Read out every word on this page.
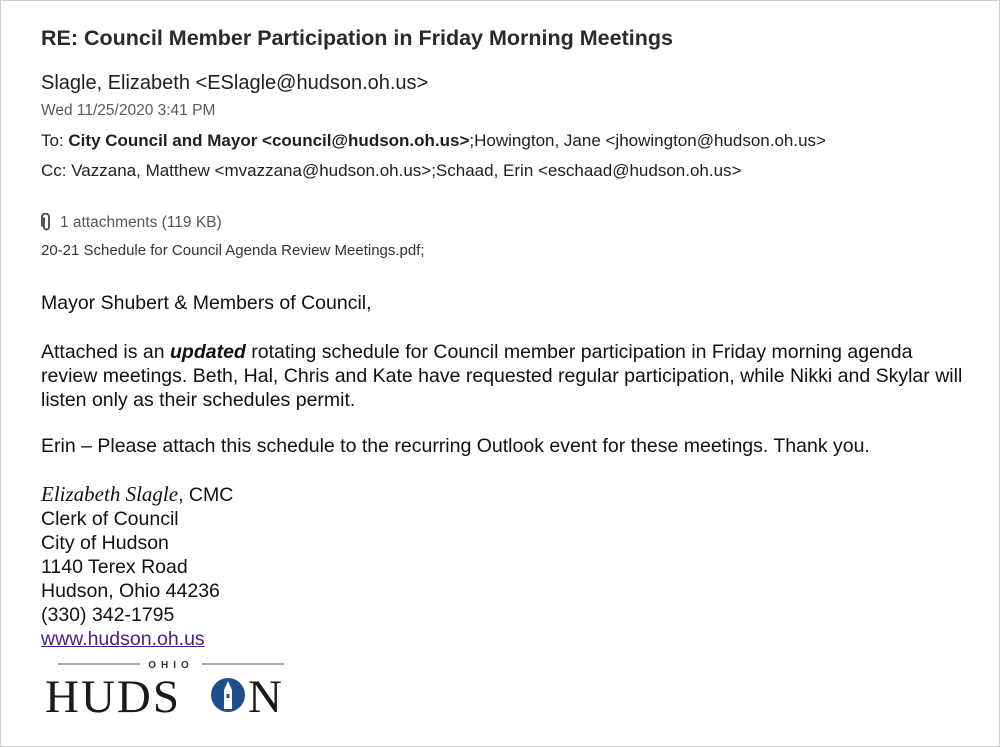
RE: Council Member Participation in Friday Morning Meetings
Slagle, Elizabeth <ESlagle@hudson.oh.us>
Wed 11/25/2020 3:41 PM
To: City Council and Mayor <council@hudson.oh.us>;Howington, Jane <jhowington@hudson.oh.us>
Cc: Vazzana, Matthew <mvazzana@hudson.oh.us>;Schaad, Erin <eschaad@hudson.oh.us>
1 attachments (119 KB)
20-21 Schedule for Council Agenda Review Meetings.pdf;
Mayor Shubert & Members of Council,
Attached is an updated rotating schedule for Council member participation in Friday morning agenda review meetings. Beth, Hal, Chris and Kate have requested regular participation, while Nikki and Skylar will listen only as their schedules permit.
Erin – Please attach this schedule to the recurring Outlook event for these meetings. Thank you.
Elizabeth Slagle, CMC
Clerk of Council
City of Hudson
1140 Terex Road
Hudson, Ohio 44236
(330) 342-1795
www.hudson.oh.us
OHIO
HUDS N
